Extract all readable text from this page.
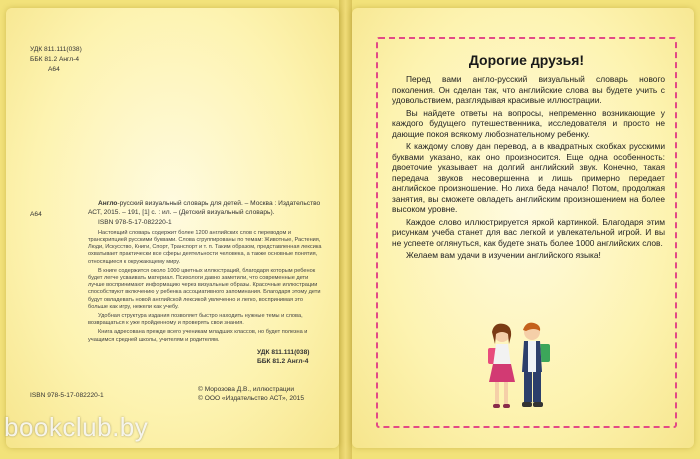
УДК 811.111(038)
ББК 81.2 Англ-4
А64
А64

Англо-русский визуальный словарь для детей. – Москва : Издательство АСТ, 2015. – 191, [1] с. : ил. – (Детский визуальный словарь).

ISBN 978-5-17-082220-1

Настоящий словарь содержит более 1200 английских слов с переводом и транскрипцией русскими буквами. Слова сгруппированы по темам: Животные, Растения, Люди, Искусство, Книги, Спорт, Транспорт и т. п. Таким образом, представленная лексика охватывает практически все сферы деятельности человека, а также основные понятия, относящиеся к окружающему миру.

В книге содержится около 1000 цветных иллюстраций, благодаря которым ребенок будет легче усваивать материал. Психологи давно заметили, что современные дети лучше воспринимают информацию через визуальные образы. Красочные иллюстрации способствуют включению у ребенка ассоциативного запоминания. Благодаря этому дети будут овладевать новой английской лексикой увлеченно и легко, воспринимая это больше как игру, нежели как учебу.

Удобная структура издания позволяет быстро находить нужные темы и слова, возвращаться к уже пройденному и проверять свои знания.

Книга адресована прежде всего ученикам младших классов, но будет полезна и учащимся средней школы, учителям и родителям.

УДК 811.111(038)
ББК 81.2 Англ-4
ISBN 978-5-17-082220-1
© Морозова Д.В., иллюстрации
© ООО «Издательство АСТ», 2015
Дорогие друзья!

Перед вами англо-русский визуальный словарь нового поколения. Он сделан так, что английские слова вы будете учить с удовольствием, разглядывая красивые иллюстрации.

Вы найдете ответы на вопросы, непременно возникающие у каждого будущего путешественника, исследователя и просто не дающие покоя всякому любознательному ребенку.

К каждому слову дан перевод, а в квадратных скобках русскими буквами указано, как оно произносится. Еще одна особенность: двоеточие указывает на долгий английский звук. Конечно, такая передача звуков несовершенна и лишь примерно передает английское произношение. Но лиха беда начало! Потом, продолжая занятия, вы сможете овладеть английским произношением на более высоком уровне.

Каждое слово иллюстрируется яркой картинкой. Благодаря этим рисункам учеба станет для вас легкой и увлекательной игрой. И вы не успеете оглянуться, как будете знать более 1000 английских слов.

Желаем вам удачи в изучении английского языка!

bookclub.by
